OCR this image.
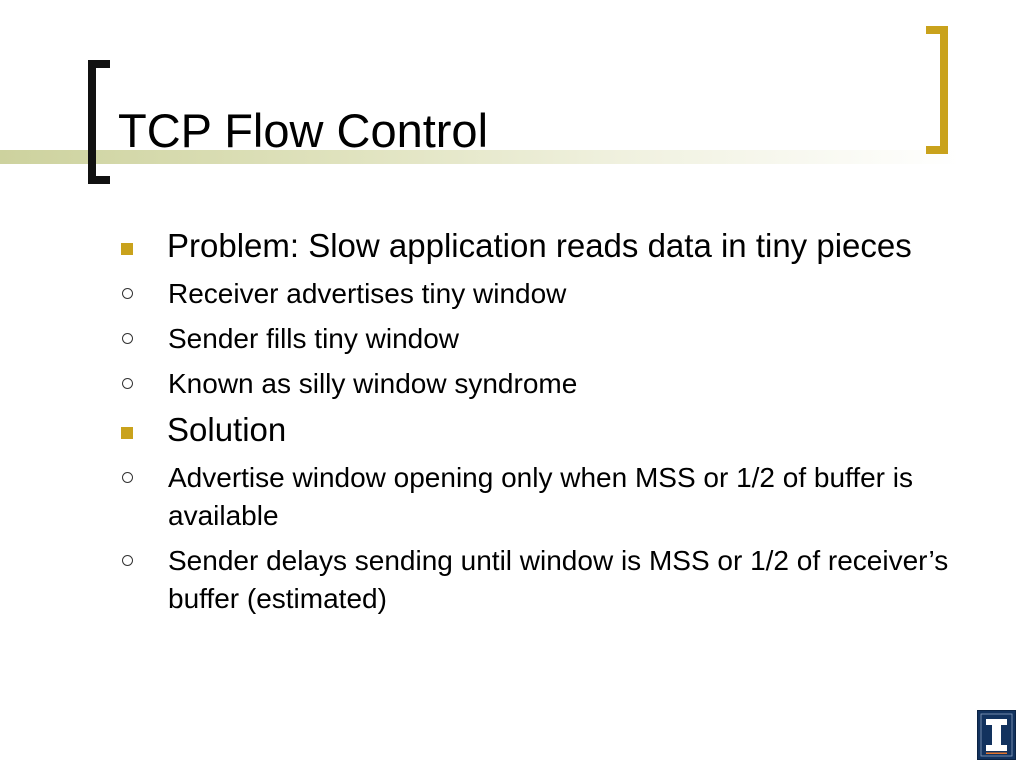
TCP Flow Control
Problem: Slow application reads data in tiny pieces
Receiver advertises tiny window
Sender fills tiny window
Known as silly window syndrome
Solution
Advertise window opening only when MSS or 1/2 of buffer is available
Sender delays sending until window is MSS or 1/2 of receiver’s buffer (estimated)
